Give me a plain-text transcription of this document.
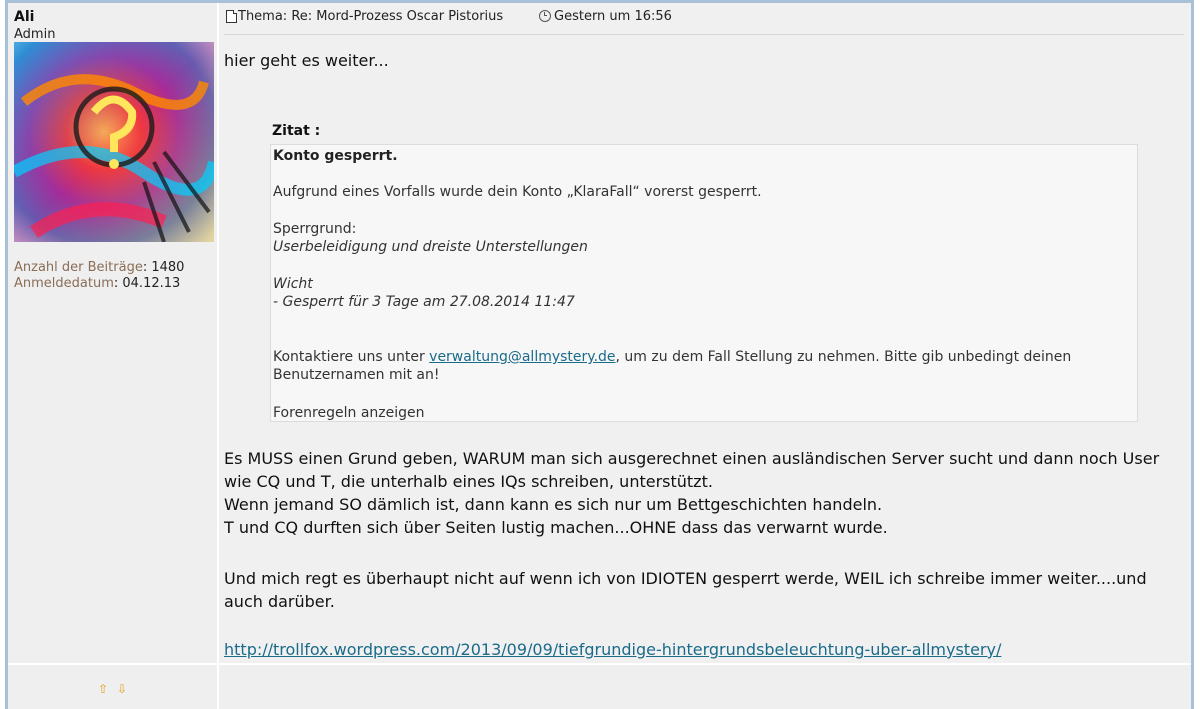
Ali
Admin
Anzahl der Beiträge: 1480
Anmeldedatum: 04.12.13
Thema: Re: Mord-Prozess Oscar Pistorius	Gestern um 16:56
hier geht es weiter...
Zitat :
Konto gesperrt.
Aufgrund eines Vorfalls wurde dein Konto „KlaraFall“ vorerst gesperrt.
Sperrgrund:
Userbeleidigung und dreiste Unterstellungen
Wicht
- Gesperrt für 3 Tage am 27.08.2014 11:47
Kontaktiere uns unter verwaltung@allmystery.de, um zu dem Fall Stellung zu nehmen. Bitte gib unbedingt deinen Benutzernamen mit an!
Forenregeln anzeigen
Es MUSS einen Grund geben, WARUM man sich ausgerechnet einen ausländischen Server sucht und dann noch User
wie CQ und T, die unterhalb eines IQs schreiben, unterstützt.
Wenn jemand SO dämlich ist, dann kann es sich nur um Bettgeschichten handeln.
T und CQ durften sich über Seiten lustig machen...OHNE dass das verwarnt wurde.
Und mich regt es überhaupt nicht auf wenn ich von IDIOTEN gesperrt werde, WEIL ich schreibe immer weiter....und
auch darüber.
http://trollfox.wordpress.com/2013/09/09/tiefgrundige-hintergrundsbeleuchtung-uber-allmystery/
⇧ ⇩
